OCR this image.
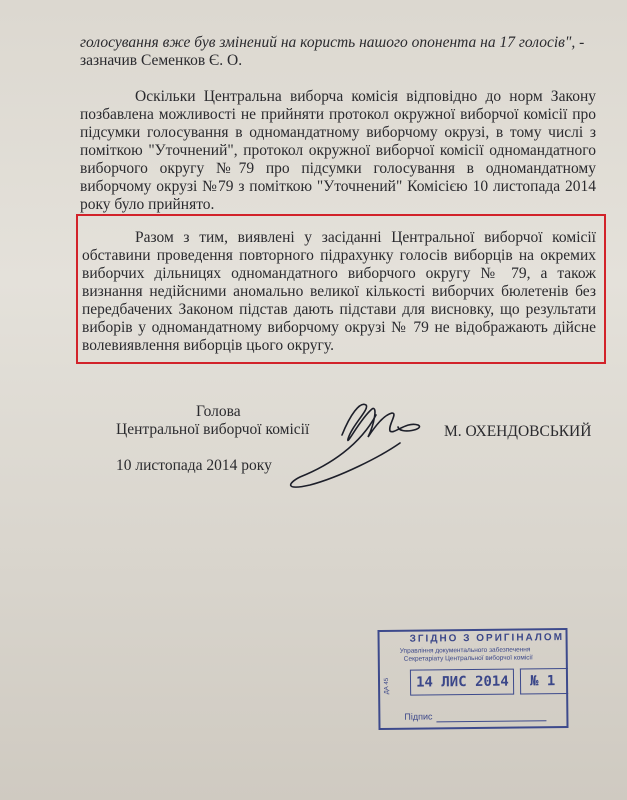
голосування вже був змінений на користь нашого опонента на 17 голосів", -
зазначив Семенков Є. О.
Оскільки Центральна виборча комісія відповідно до норм Закону
позбавлена можливості не прийняти протокол окружної виборчої комісії про
підсумки голосування в одномандатному виборчому окрузі, в тому числі з
поміткою "Уточнений", протокол окружної виборчої комісії одномандатного
виборчого округу №79 про підсумки голосування в одномандатному
виборчому окрузі №79 з поміткою "Уточнений" Комісією 10 листопада 2014
року було прийнято.
Разом з тим, виявлені у засіданні Центральної виборчої комісії
обставини проведення повторного підрахунку голосів виборців на окремих
виборчих дільницях одномандатного виборчого округу № 79, а також
визнання недійсними аномально великої кількості виборчих бюлетенів без
передбачених Законом підстав дають підстави для висновку, що результати
виборів у одномандатному виборчому окрузі № 79 не відображають дійсне
волевиявлення виборців цього округу.
Голова
Центральної виборчої комісії	М. ОХЕНДОВСЬКИЙ
10 листопада 2014 року
ЗГІДНО З ОРИГІНАЛОМ
Управління документального забезпечення
Секретаріату Центральної виборчої комісії
ДА 45 14 ЛИС 2014 № 1
Підпис
